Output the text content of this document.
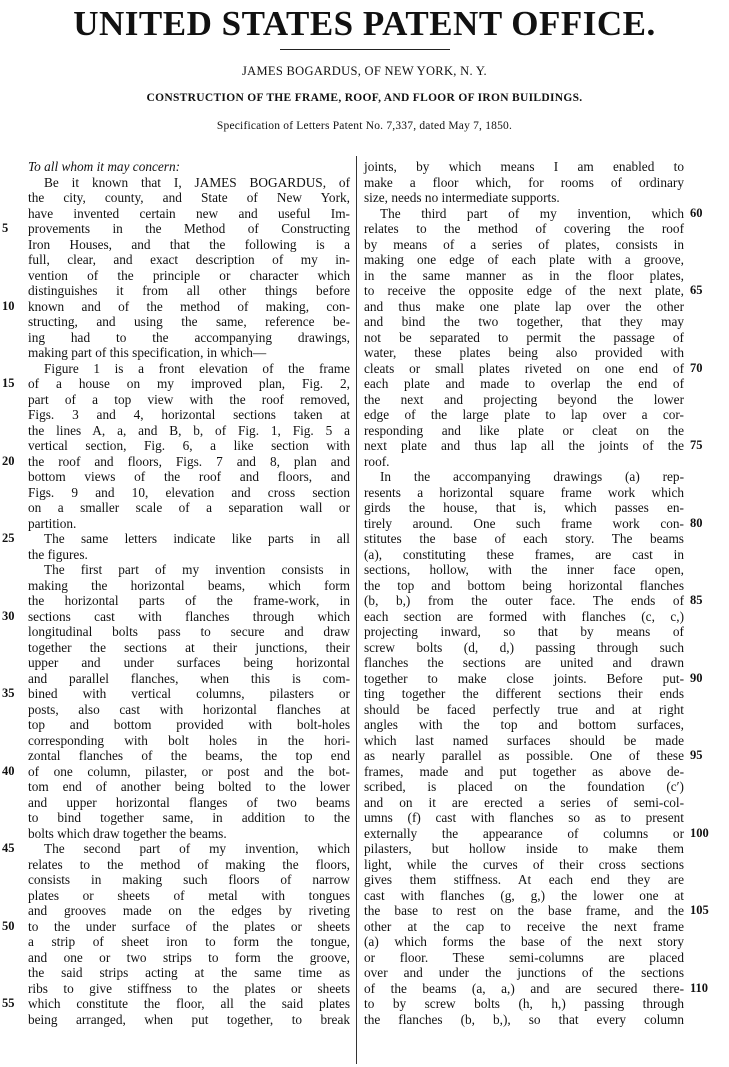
UNITED STATES PATENT OFFICE.
JAMES BOGARDUS, OF NEW YORK, N. Y.
CONSTRUCTION OF THE FRAME, ROOF, AND FLOOR OF IRON BUILDINGS.
Specification of Letters Patent No. 7,337, dated May 7, 1850.
To all whom it may concern:
Be it known that I, JAMES BOGARDUS, of
the city, county, and State of New York,
have invented certain new and useful Im-
provements in the Method of Constructing
Iron Houses, and that the following is a
full, clear, and exact description of my in-
vention of the principle or character which
distinguishes it from all other things before
known and of the method of making, con-
structing, and using the same, reference be-
ing had to the accompanying drawings,
making part of this specification, in which—
Figure 1 is a front elevation of the frame
of a house on my improved plan, Fig. 2,
part of a top view with the roof removed,
Figs. 3 and 4, horizontal sections taken at
the lines A, a, and B, b, of Fig. 1, Fig. 5 a
vertical section, Fig. 6, a like section with
the roof and floors, Figs. 7 and 8, plan and
bottom views of the roof and floors, and
Figs. 9 and 10, elevation and cross section
on a smaller scale of a separation wall or
partition.
The same letters indicate like parts in all
the figures.
The first part of my invention consists in
making the horizontal beams, which form
the horizontal parts of the frame-work, in
sections cast with flanches through which
longitudinal bolts pass to secure and draw
together the sections at their junctions, their
upper and under surfaces being horizontal
and parallel flanches, when this is com-
bined with vertical columns, pilasters or
posts, also cast with horizontal flanches at
top and bottom provided with bolt-holes
corresponding with bolt holes in the hori-
zontal flanches of the beams, the top end
of one column, pilaster, or post and the bot-
tom end of another being bolted to the lower
and upper horizontal flanges of two beams
to bind together same, in addition to the
bolts which draw together the beams.
The second part of my invention, which
relates to the method of making the floors,
consists in making such floors of narrow
plates or sheets of metal with tongues
and grooves made on the edges by riveting
to the under surface of the plates or sheets
a strip of sheet iron to form the tongue,
and one or two strips to form the groove,
the said strips acting at the same time as
ribs to give stiffness to the plates or sheets
which constitute the floor, all the said plates
being arranged, when put together, to break
joints, by which means I am enabled to
make a floor which, for rooms of ordinary
size, needs no intermediate supports.
The third part of my invention, which
relates to the method of covering the roof
by means of a series of plates, consists in
making one edge of each plate with a groove,
in the same manner as in the floor plates,
to receive the opposite edge of the next plate,
and thus make one plate lap over the other
and bind the two together, that they may
not be separated to permit the passage of
water, these plates being also provided with
cleats or small plates riveted on one end of
each plate and made to overlap the end of
the next and projecting beyond the lower
edge of the large plate to lap over a cor-
responding and like plate or cleat on the
next plate and thus lap all the joints of the
roof.
In the accompanying drawings (a) rep-
resents a horizontal square frame work which
girds the house, that is, which passes en-
tirely around. One such frame work con-
stitutes the base of each story. The beams
(a), constituting these frames, are cast in
sections, hollow, with the inner face open,
the top and bottom being horizontal flanches
(b, b,) from the outer face. The ends of
each section are formed with flanches (c, c,)
projecting inward, so that by means of
screw bolts (d, d,) passing through such
flanches the sections are united and drawn
together to make close joints. Before put-
ting together the different sections their ends
should be faced perfectly true and at right
angles with the top and bottom surfaces,
which last named surfaces should be made
as nearly parallel as possible. One of these
frames, made and put together as above de-
scribed, is placed on the foundation (c′)
and on it are erected a series of semi-col-
umns (f) cast with flanches so as to present
externally the appearance of columns or
pilasters, but hollow inside to make them
light, while the curves of their cross sections
gives them stiffness. At each end they are
cast with flanches (g, g,) the lower one at
the base to rest on the base frame, and the
other at the cap to receive the next frame
(a) which forms the base of the next story
or floor. These semi-columns are placed
over and under the junctions of the sections
of the beams (a, a,) and are secured there-
to by screw bolts (h, h,) passing through
the flanches (b, b,), so that every column
5
10
15
20
25
30
35
40
45
50
55
60
65
70
75
80
85
90
95
100
105
110
